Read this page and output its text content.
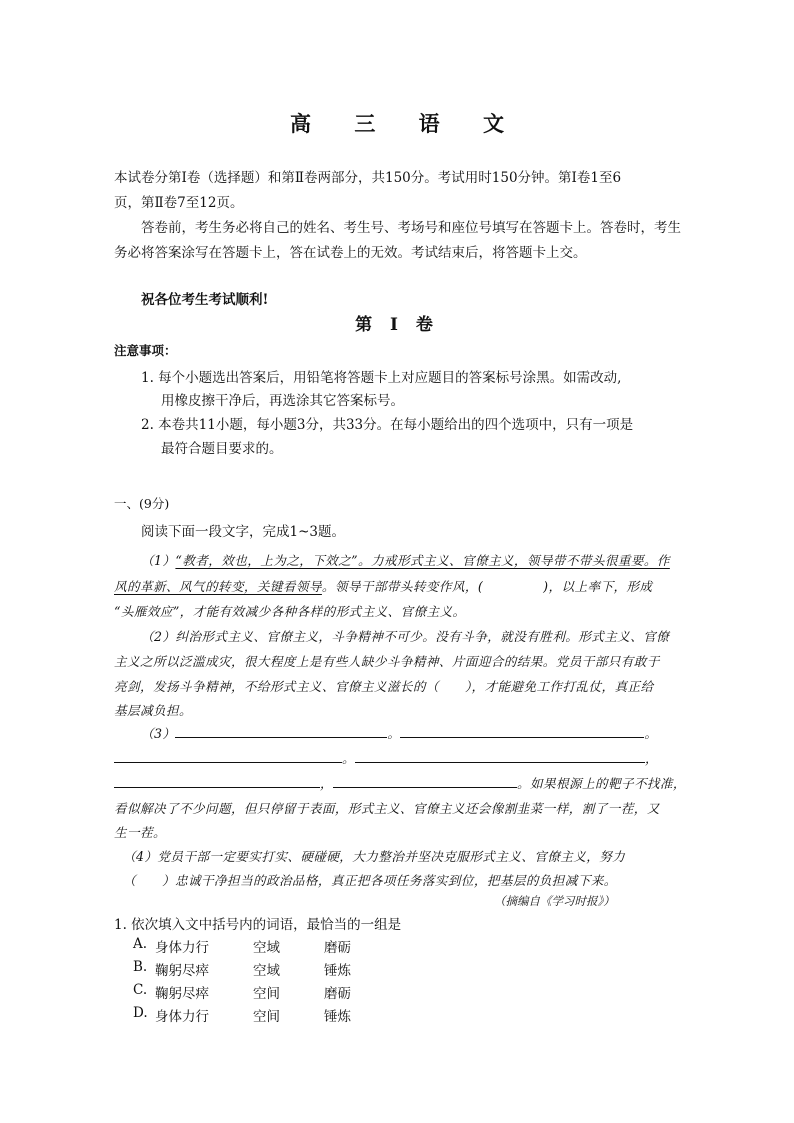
高 三 语 文
本试卷分第Ⅰ卷（选择题）和第Ⅱ卷两部分，共150分。考试用时150分钟。第Ⅰ卷1至6
页，第Ⅱ卷7至12页。
答卷前，考生务必将自己的姓名、考生号、考场号和座位号填写在答题卡上。答卷时，考生
务必将答案涂写在答题卡上，答在试卷上的无效。考试结束后，将答题卡上交。
祝各位考生考试顺利!
第 Ⅰ 卷
注意事项：
1. 每个小题选出答案后，用铅笔将答题卡上对应题目的答案标号涂黑。如需改动,
用橡皮擦干净后，再选涂其它答案标号。
2. 本卷共11小题，每小题3分，共33分。在每小题给出的四个选项中，只有一项是
最符合题目要求的。
一、(9分)
阅读下面一段文字，完成1~3题。
（1）“教者，效也，上为之，下效之”。力戒形式主义、官僚主义，领导带不带头很重要。作
风的革新、风气的转变，关键看领导。领导干部带头转变作风，(	)，以上率下，形成
“头雁效应”，才能有效减少各种各样的形式主义、官僚主义。
（2）纠治形式主义、官僚主义，斗争精神不可少。没有斗争，就没有胜利。形式主义、官僚
主义之所以泛滥成灾，很大程度上是有些人缺少斗争精神、片面迎合的结果。党员干部只有敢于
亮剑，发扬斗争精神，不给形式主义、官僚主义滋长的（ ），才能避免工作打乱仗，真正给
基层减负担。
（3）	。	。
。	，
，	。如果根源上的靶子不找准，
看似解决了不少问题，但只停留于表面，形式主义、官僚主义还会像割韭菜一样，割了一茬，又
生一茬。
（4）党员干部一定要实打实、硬碰硬，大力整治并坚决克服形式主义、官僚主义，努力
（ ）忠诚干净担当的政治品格，真正把各项任务落实到位，把基层的负担减下来。
（摘编自《学习时报》）
1. 依次填入文中括号内的词语，最恰当的一组是
A. 身体力行	空域	磨砺
B. 鞠躬尽瘁	空域	锤炼
C. 鞠躬尽瘁	空间	磨砺
D. 身体力行	空间	锤炼
